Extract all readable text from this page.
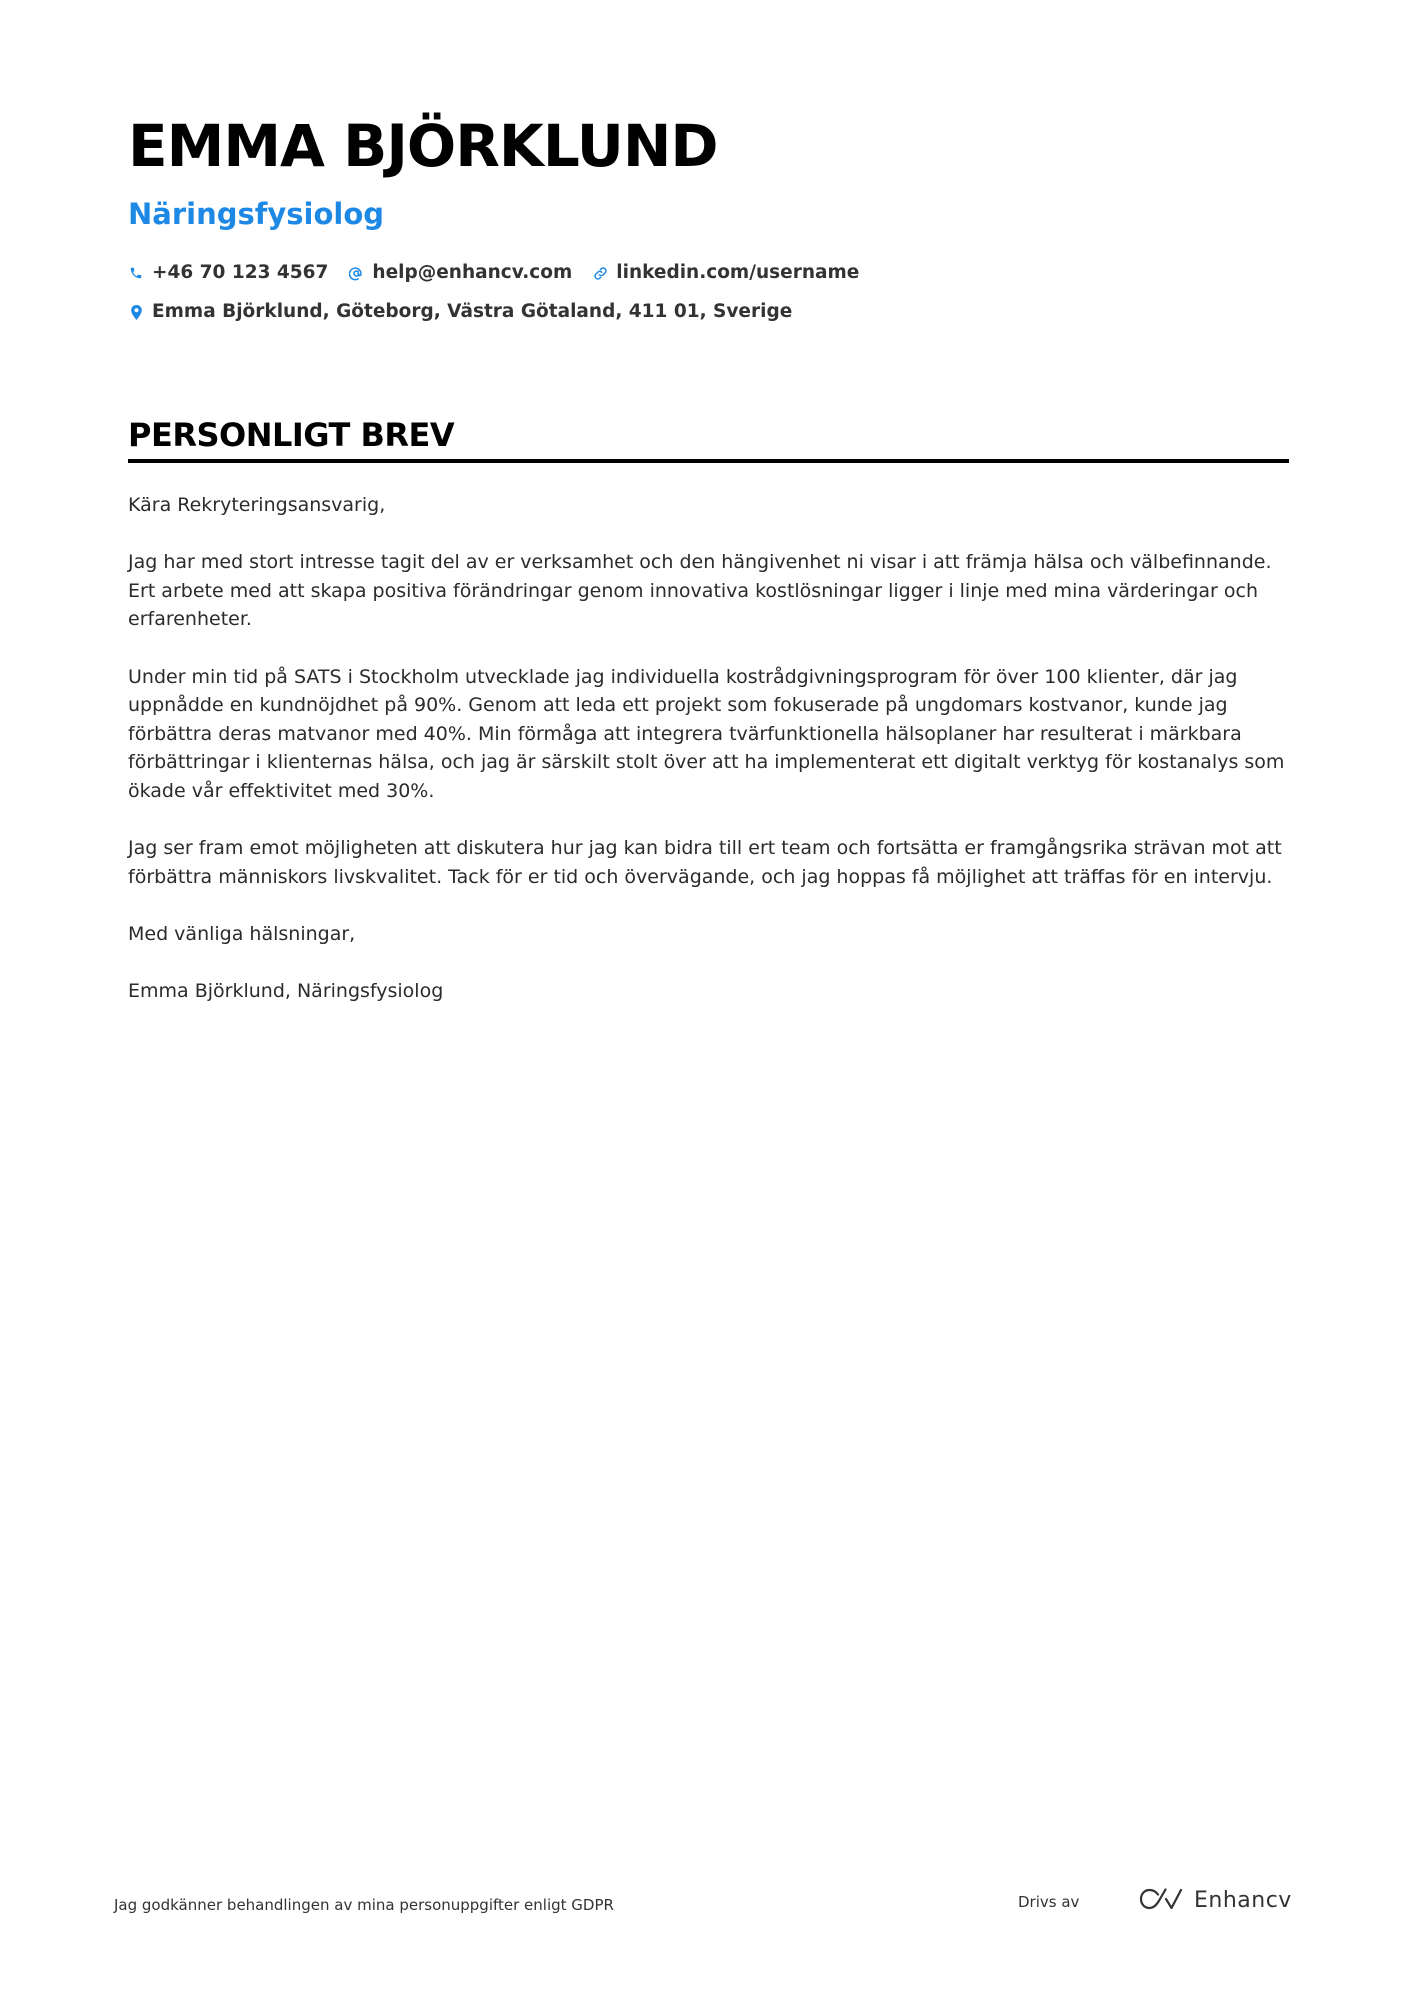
EMMA BJÖRKLUND
Näringsfysiolog
+46 70 123 4567 help@enhancv.com linkedin.com/username
Emma Björklund, Göteborg, Västra Götaland, 411 01, Sverige
PERSONLIGT BREV

Kära Rekryteringsansvarig,

Jag har med stort intresse tagit del av er verksamhet och den hängivenhet ni visar i att främja hälsa och välbefinnande. Ert arbete med att skapa positiva förändringar genom innovativa kostlösningar ligger i linje med mina värderingar och erfarenheter.

Under min tid på SATS i Stockholm utvecklade jag individuella kostrådgivningsprogram för över 100 klienter, där jag uppnådde en kundnöjdhet på 90%. Genom att leda ett projekt som fokuserade på ungdomars kostvanor, kunde jag förbättra deras matvanor med 40%. Min förmåga att integrera tvärfunktionella hälsoplaner har resulterat i märkbara förbättringar i klienternas hälsa, och jag är särskilt stolt över att ha implementerat ett digitalt verktyg för kostanalys som ökade vår effektivitet med 30%.

Jag ser fram emot möjligheten att diskutera hur jag kan bidra till ert team och fortsätta er framgångsrika strävan mot att förbättra människors livskvalitet. Tack för er tid och övervägande, och jag hoppas få möjlighet att träffas för en intervju.

Med vänliga hälsningar,

Emma Björklund, Näringsfysiolog

Jag godkänner behandlingen av mina personuppgifter enligt GDPR	Drivs av	Enhancv
